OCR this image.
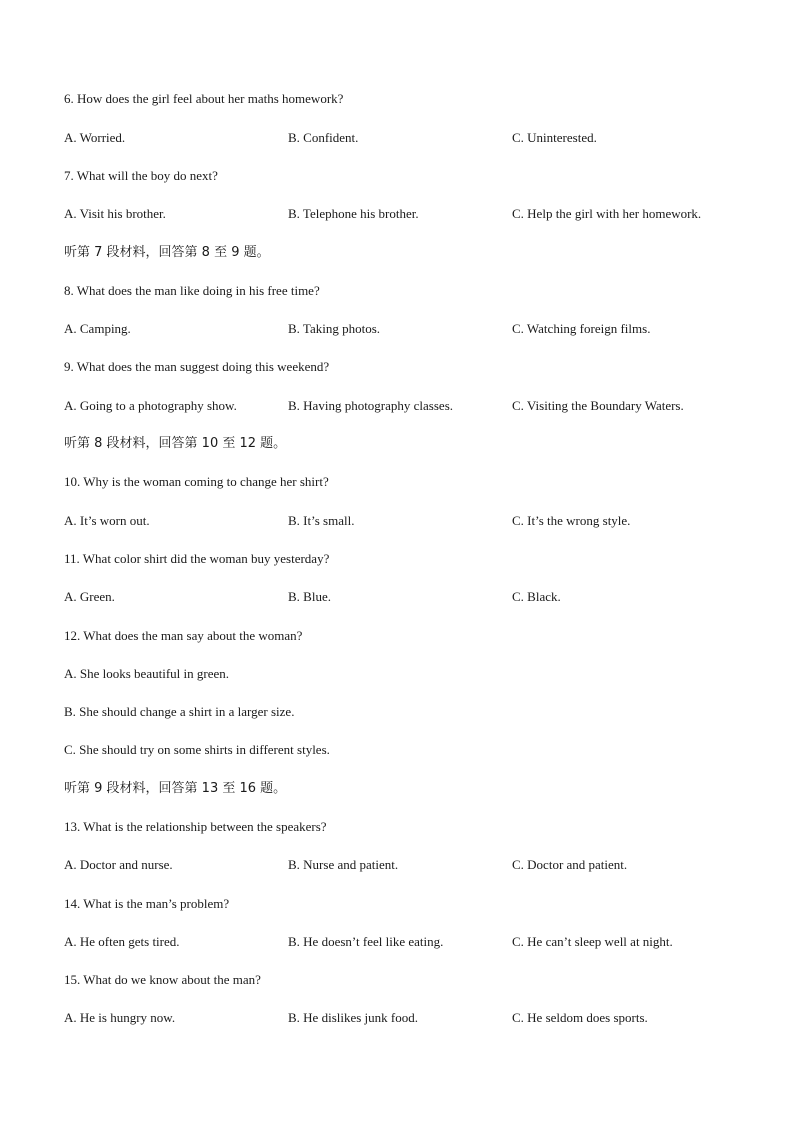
6. How does the girl feel about her maths homework?
A. Worried.	B. Confident.	C. Uninterested.
7. What will the boy do next?
A. Visit his brother.	B. Telephone his brother.	C. Help the girl with her homework.
听第 7 段材料，回答第 8 至 9 题。
8. What does the man like doing in his free time?
A. Camping.	B. Taking photos.	C. Watching foreign films.
9. What does the man suggest doing this weekend?
A. Going to a photography show.	B. Having photography classes.	C. Visiting the Boundary Waters.
听第 8 段材料，回答第 10 至 12 题。
10. Why is the woman coming to change her shirt?
A. It’s worn out.	B. It’s small.	C. It’s the wrong style.
11. What color shirt did the woman buy yesterday?
A. Green.	B. Blue.	C. Black.
12. What does the man say about the woman?
A. She looks beautiful in green.
B. She should change a shirt in a larger size.
C. She should try on some shirts in different styles.
听第 9 段材料，回答第 13 至 16 题。
13. What is the relationship between the speakers?
A. Doctor and nurse.	B. Nurse and patient.	C. Doctor and patient.
14. What is the man’s problem?
A. He often gets tired.	B. He doesn’t feel like eating.	C. He can’t sleep well at night.
15. What do we know about the man?
A. He is hungry now.	B. He dislikes junk food.	C. He seldom does sports.
